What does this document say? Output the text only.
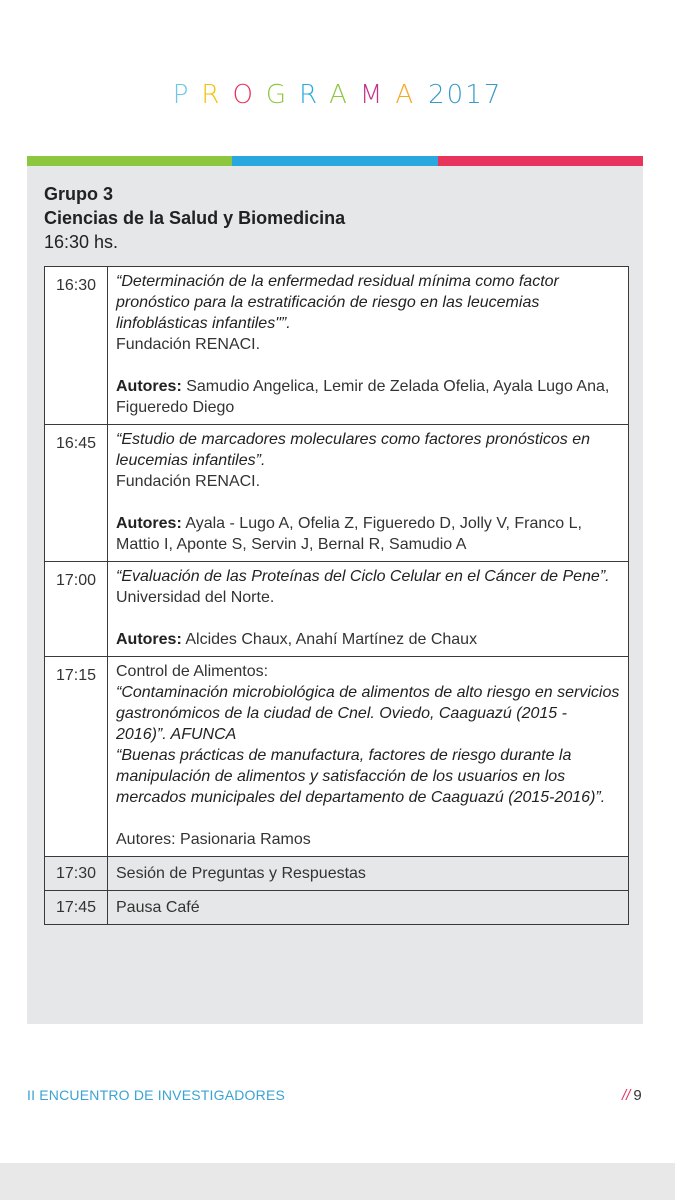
PROGRAMA2017
Grupo 3
Ciencias de la Salud y Biomedicina
16:30 hs.
16:30	“Determinación de la enfermedad residual mínima como factor pronóstico para la estratificación de riesgo en las leucemias linfoblásticas infantiles"”.
Fundación RENACI.
Autores: Samudio Angelica, Lemir de Zelada Ofelia, Ayala Lugo Ana, Figueredo Diego

16:45	“Estudio de marcadores moleculares como factores pronósticos en leucemias infantiles”.
Fundación RENACI.
Autores: Ayala - Lugo A, Ofelia Z, Figueredo D, Jolly V, Franco L, Mattio I, Aponte S, Servin J, Bernal R, Samudio A

17:00	“Evaluación de las Proteínas del Ciclo Celular en el Cáncer de Pene”.
Universidad del Norte.
Autores: Alcides Chaux, Anahí Martínez de Chaux

17:15	Control de Alimentos:
“Contaminación microbiológica de alimentos de alto riesgo en servicios gastronómicos de la ciudad de Cnel. Oviedo, Caaguazú (2015 - 2016)”. AFUNCA
“Buenas prácticas de manufactura, factores de riesgo durante la manipulación de alimentos y satisfacción de los usuarios en los mercados municipales del departamento de Caaguazú (2015-2016)”.
Autores: Pasionaria Ramos

17:30	Sesión de Preguntas y Respuestas
17:45	Pausa Café
II ENCUENTRO DE INVESTIGADORES	// 9
